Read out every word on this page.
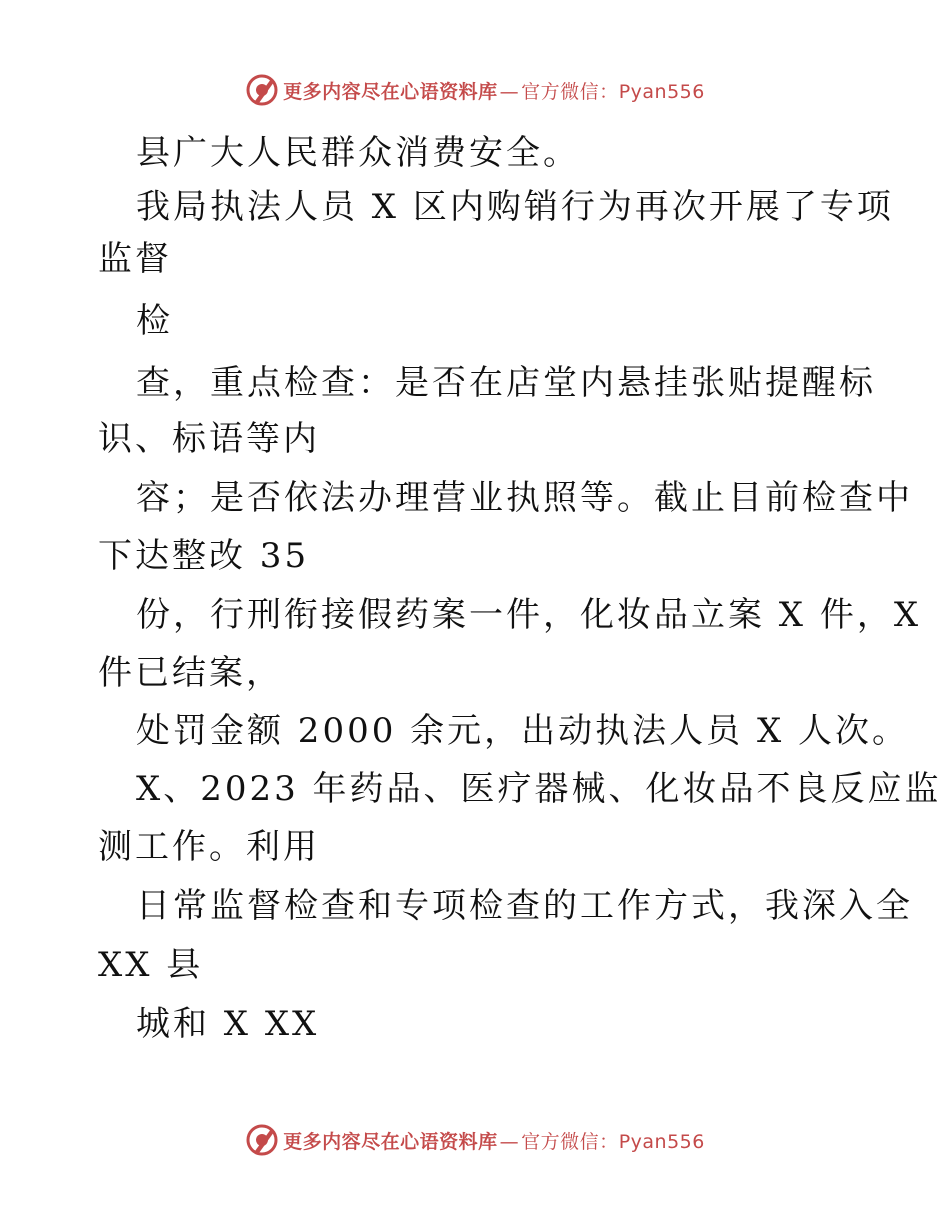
更多内容尽在心语资料库 — 官方微信：Pyan556
县广大人民群众消费安全。
我局执法人员 X 区内购销行为再次开展了专项
监督
检
查，重点检查：是否在店堂内悬挂张贴提醒标
识、标语等内
容；是否依法办理营业执照等。截止目前检查中
下达整改 35
份，行刑衔接假药案一件，化妆品立案 X 件，X
件已结案，
处罚金额 2000 余元，出动执法人员 X 人次。
X、2023 年药品、医疗器械、化妆品不良反应监
测工作。利用
日常监督检查和专项检查的工作方式，我深入全
XX 县
城和 X XX
更多内容尽在心语资料库 — 官方微信：Pyan556
